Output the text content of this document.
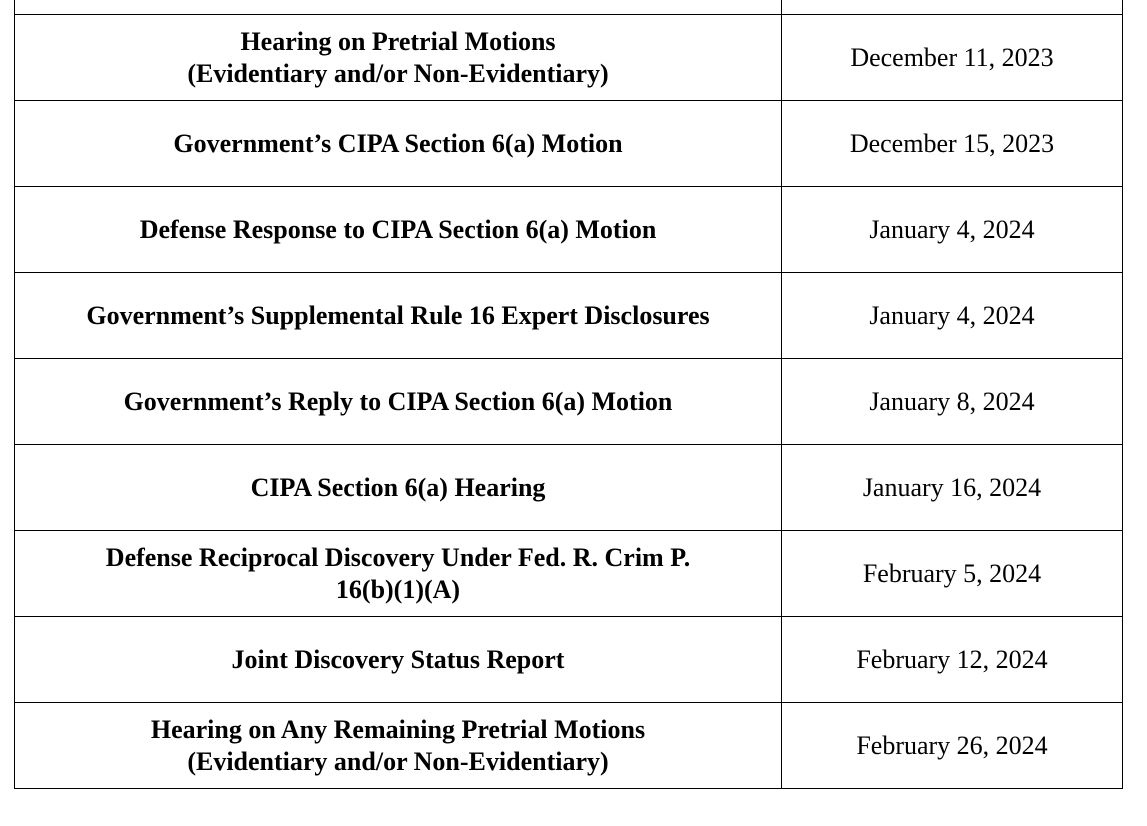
Hearing on Pretrial Motions
(Evidentiary and/or Non-Evidentiary)	December 11, 2023

Government’s CIPA Section 6(a) Motion	December 15, 2023

Defense Response to CIPA Section 6(a) Motion	January 4, 2024

Government’s Supplemental Rule 16 Expert Disclosures	January 4, 2024

Government’s Reply to CIPA Section 6(a) Motion	January 8, 2024

CIPA Section 6(a) Hearing	January 16, 2024

Defense Reciprocal Discovery Under Fed. R. Crim P.
16(b)(1)(A)	February 5, 2024

Joint Discovery Status Report	February 12, 2024

Hearing on Any Remaining Pretrial Motions
(Evidentiary and/or Non-Evidentiary)	February 26, 2024
